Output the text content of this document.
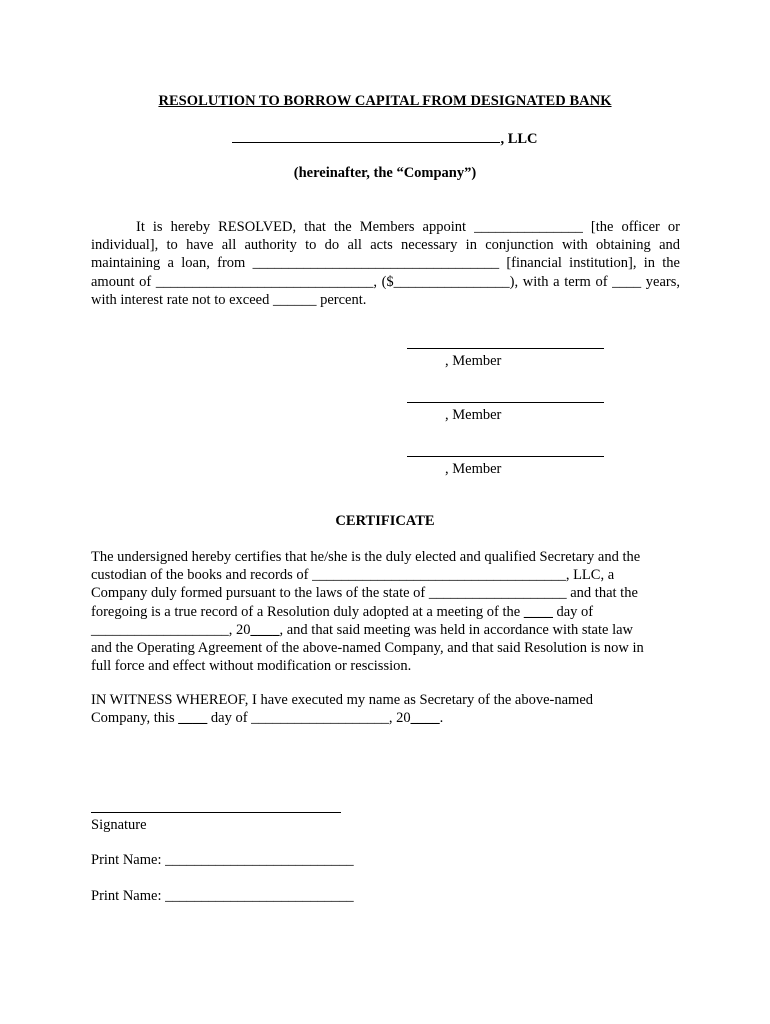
RESOLUTION TO BORROW CAPITAL FROM DESIGNATED BANK
, LLC
(hereinafter, the “Company”)
It is hereby RESOLVED, that the Members appoint _______________ [the officer or individual], to have all authority to do all acts necessary in conjunction with obtaining and maintaining a loan, from __________________________________ [financial institution], in the amount of ______________________________, ($________________), with a term of ____ years, with interest rate not to exceed ______ percent.
, Member
, Member
, Member
CERTIFICATE
The undersigned hereby certifies that he/she is the duly elected and qualified Secretary and the
custodian of the books and records of ___________________________________, LLC, a
Company duly formed pursuant to the laws of the state of ___________________ and that the
foregoing is a true record of a Resolution duly adopted at a meeting of the ____ day of
___________________, 20____, and that said meeting was held in accordance with state law
and the Operating Agreement of the above-named Company, and that said Resolution is now in
full force and effect without modification or rescission.
IN WITNESS WHEREOF, I have executed my name as Secretary of the above-named
Company, this ____ day of ___________________, 20____.
Signature
Print Name: __________________________
Print Name: __________________________
